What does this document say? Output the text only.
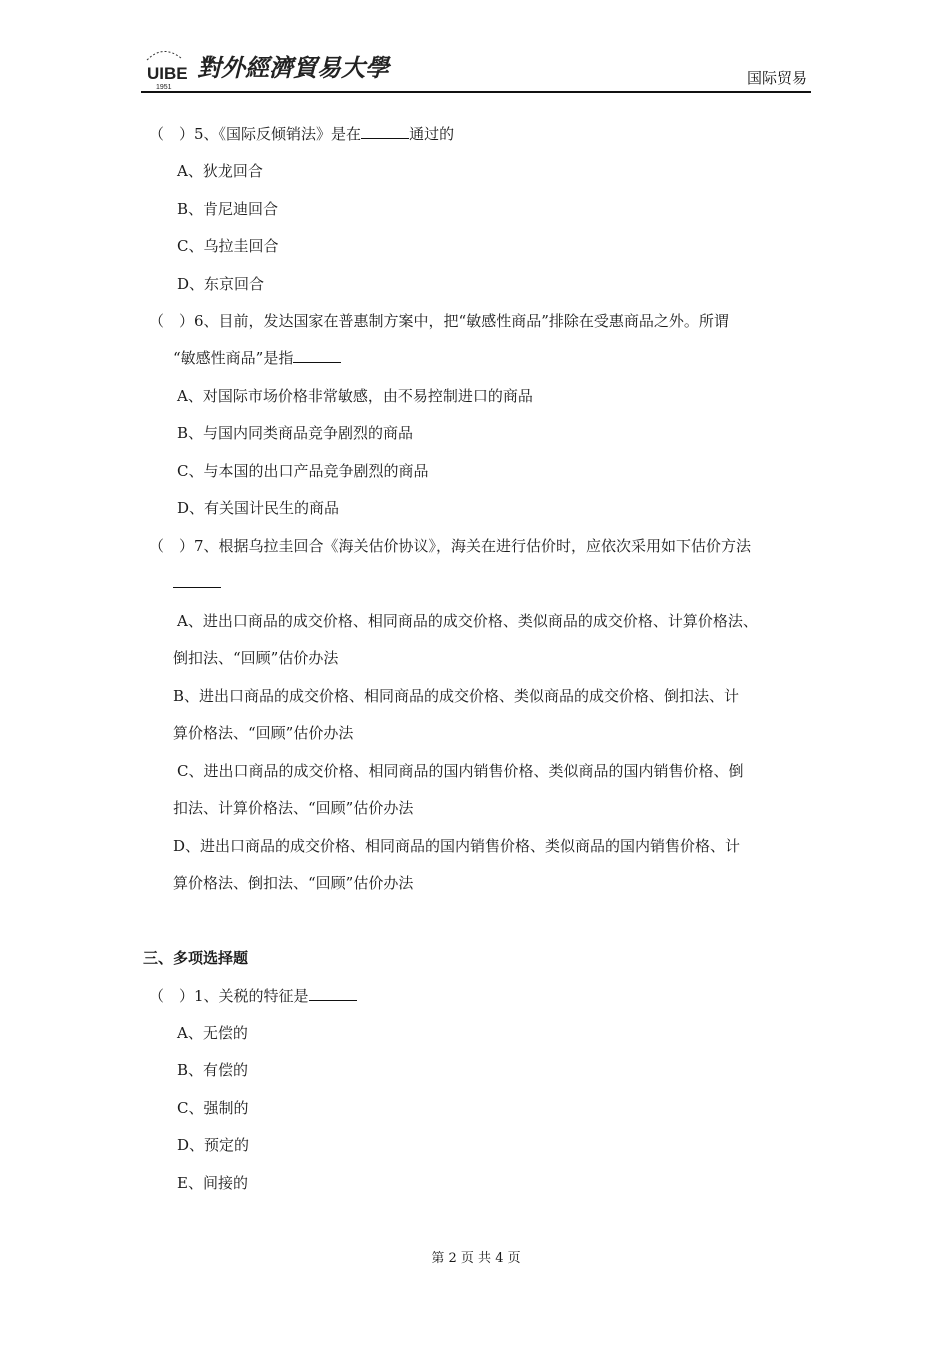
UIBE
1951
對外經濟貿易大學	国际贸易
（　）5、《国际反倾销法》是在	通过的
A、狄龙回合
B、肯尼迪回合
C、乌拉圭回合
D、东京回合
（　）6、目前，发达国家在普惠制方案中，把“敏感性商品”排除在受惠商品之外。所谓
“敏感性商品”是指
A、对国际市场价格非常敏感，由不易控制进口的商品
B、与国内同类商品竞争剧烈的商品
C、与本国的出口产品竞争剧烈的商品
D、有关国计民生的商品
（　）7、根据乌拉圭回合《海关估价协议》，海关在进行估价时，应依次采用如下估价方法
A、进出口商品的成交价格、相同商品的成交价格、类似商品的成交价格、计算价格法、
倒扣法、“回顾”估价办法
B、进出口商品的成交价格、相同商品的成交价格、类似商品的成交价格、倒扣法、计
算价格法、“回顾”估价办法
C、进出口商品的成交价格、相同商品的国内销售价格、类似商品的国内销售价格、倒
扣法、计算价格法、“回顾”估价办法
D、进出口商品的成交价格、相同商品的国内销售价格、类似商品的国内销售价格、计
算价格法、倒扣法、“回顾”估价办法
三、多项选择题
（　）1、关税的特征是
A、无偿的
B、有偿的
C、强制的
D、预定的
E、间接的
第 2 页 共 4 页
